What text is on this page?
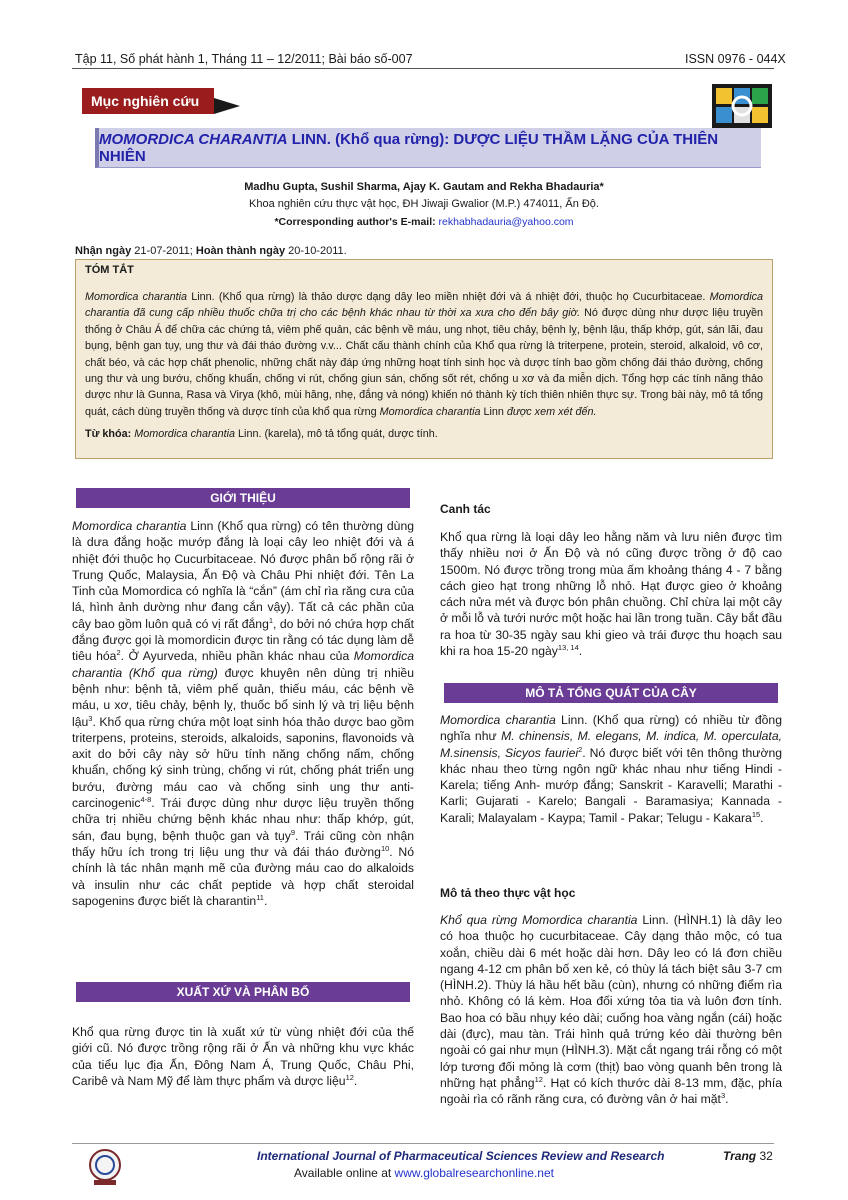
Tập 11, Số phát hành 1, Tháng 11 – 12/2011; Bài báo số-007	ISSN 0976 - 044X
Mục nghiên cứu
MOMORDICA CHARANTIA LINN. (Khổ qua rừng): DƯỢC LIỆU THẦM LẶNG CỦA THIÊN NHIÊN
Madhu Gupta, Sushil Sharma, Ajay K. Gautam and Rekha Bhadauria*
Khoa nghiên cứu thực vật học, ĐH Jiwaji Gwalior (M.P.) 474011, Ấn Độ.
*Corresponding author's E-mail: rekhabhadauria@yahoo.com
Nhận ngày 21-07-2011; Hoàn thành ngày 20-10-2011.
TÓM TẮT
Momordica charantia Linn. (Khổ qua rừng) là thảo dược dạng dây leo miền nhiệt đới và á nhiệt đới, thuộc họ Cucurbitaceae. Momordica charantia đã cung cấp nhiều thuốc chữa trị cho các bệnh khác nhau từ thời xa xưa cho đến bây giờ. Nó được dùng như dược liệu truyền thống ở Châu Á để chữa các chứng tả, viêm phế quản, các bệnh về máu, ung nhọt, tiêu chảy, bệnh lỵ, bệnh lậu, thấp khớp, gút, sán lãi, đau bụng, bệnh gan tụy, ung thư và đái tháo đường v.v... Chất cấu thành chính của Khổ qua rừng là triterpene, protein, steroid, alkaloid, vô cơ, chất béo, và các hợp chất phenolic, những chất này đáp ứng những hoạt tính sinh học và dược tính bao gồm chống đái tháo đường, chống ung thư và ung bướu, chống khuẩn, chống vi rút, chống giun sán, chống sốt rét, chống u xơ và đa miễn dịch. Tổng hợp các tính năng thảo dược như là Gunna, Rasa và Virya (khô, mùi hăng, nhẹ, đắng và nóng) khiến nó thành kỳ tích thiên nhiên thực sự. Trong bài này, mô tả tổng quát, cách dùng truyền thống và dược tính của khổ qua rừng Momordica charantia Linn được xem xét đến.
Từ khóa: Momordica charantia Linn. (karela), mô tả tổng quát, dược tính.
GIỚI THIỆU
Momordica charantia Linn (Khổ qua rừng) có tên thường dùng là dưa đắng hoặc mướp đắng là loại cây leo nhiệt đới và á nhiệt đới thuộc họ Cucurbitaceae. Nó được phân bố rộng rãi ở Trung Quốc, Malaysia, Ấn Độ và Châu Phi nhiệt đới. Tên La Tinh của Momordica có nghĩa là “cắn” (ám chỉ rìa răng cưa của lá, hình ảnh dường như đang cắn vậy). Tất cả các phần của cây bao gồm luôn quả có vị rất đắng$^1$, do bởi nó chứa hợp chất đắng được gọi là momordicin được tin rằng có tác dụng làm dễ tiêu hóa$^2$. Ở Ayurveda, nhiều phần khác nhau của Momordica charantia (Khổ qua rừng) được khuyên nên dùng trị nhiều bệnh như: bệnh tả, viêm phế quản, thiếu máu, các bệnh về máu, u xơ, tiêu chảy, bệnh lỵ, thuốc bổ sinh lý và trị liệu bệnh lậu$^3$. Khổ qua rừng chứa một loạt sinh hóa thảo dược bao gồm triterpens, proteins, steroids, alkaloids, saponins, flavonoids và axit do bởi cây này sở hữu tính năng chống nấm, chống khuẩn, chống ký sinh trùng, chống vi rút, chống phát triển ung bướu, đường máu cao và chống sinh ung thư anti-carcinogenic$^{4-8}$. Trái được dùng như dược liệu truyền thống chữa trị nhiều chứng bệnh khác nhau như: thấp khớp, gút, sán, đau bụng, bệnh thuộc gan và tụy$^9$. Trái cũng còn nhận thấy hữu ích trong trị liệu ung thư và đái tháo đường$^{10}$. Nó chính là tác nhân mạnh mẽ của đường máu cao do alkaloids và insulin như các chất peptide và hợp chất steroidal sapogenins được biết là charantin$^{11}$.
XUẤT XỨ VÀ PHÂN BỐ
Khổ qua rừng được tin là xuất xứ từ vùng nhiệt đới của thế giới cũ. Nó được trồng rộng rãi ở Ấn và những khu vực khác của tiểu lục địa Ấn, Đông Nam Á, Trung Quốc, Châu Phi, Caribê và Nam Mỹ để làm thực phẩm và dược liệu$^{12}$.
Canh tác
Khổ qua rừng là loại dây leo hằng năm và lưu niên được tìm thấy nhiều nơi ở Ấn Độ và nó cũng được trồng ở độ cao 1500m. Nó được trồng trong mùa ấm khoảng tháng 4 - 7 bằng cách gieo hạt trong những lỗ nhỏ. Hạt được gieo ở khoảng cách nửa mét và được bón phân chuồng. Chỉ chừa lại một cây ở mỗi lỗ và tưới nước một hoặc hai lần trong tuần. Cây bắt đầu ra hoa từ 30-35 ngày sau khi gieo và trái được thu hoạch sau khi ra hoa 15-20 ngày$^{13, 14}$.
MÔ TẢ TỔNG QUÁT CỦA CÂY
Momordica charantia Linn. (Khổ qua rừng) có nhiều từ đồng nghĩa như M. chinensis, M. elegans, M. indica, M. operculata, M.sinensis, Sicyos fauriei$^2$. Nó được biết với tên thông thường khác nhau theo từng ngôn ngữ khác nhau như tiếng Hindi - Karela; tiếng Anh- mướp đắng; Sanskrit - Karavelli; Marathi - Karli; Gujarati - Karelo; Bangali - Baramasiya; Kannada - Karali; Malayalam - Kaypa; Tamil - Pakar; Telugu - Kakara$^{15}$.
Mô tả theo thực vật học
Khổ qua rừng Momordica charantia Linn. (HÌNH.1) là dây leo có hoa thuộc họ cucurbitaceae. Cây dạng thảo mộc, có tua xoắn, chiều dài 6 mét hoặc dài hơn. Dây leo có lá đơn chiều ngang 4-12 cm phân bố xen kẻ, có thùy lá tách biệt sâu 3-7 cm (HÌNH.2). Thùy lá hầu hết bầu (cùn), nhưng có những điểm rìa nhỏ. Không có lá kèm. Hoa đối xứng tỏa tia và luôn đơn tính. Bao hoa có bầu nhụy kéo dài; cuống hoa vàng ngắn (cái) hoặc dài (đực), mau tàn. Trái hình quả trứng kéo dài thường bên ngoài có gai như mụn (HÌNH.3). Mặt cắt ngang trái rỗng có một lớp tương đối mỏng là cơm (thịt) bao vòng quanh bên trong là những hạt phẳng$^{12}$. Hạt có kích thước dài 8-13 mm, đặc, phía ngoài rìa có rãnh răng cưa, có đường vân ở hai mặt$^3$.
International Journal of Pharmaceutical Sciences Review and Research	Trang 32
Available online at www.globalresearchonline.net
